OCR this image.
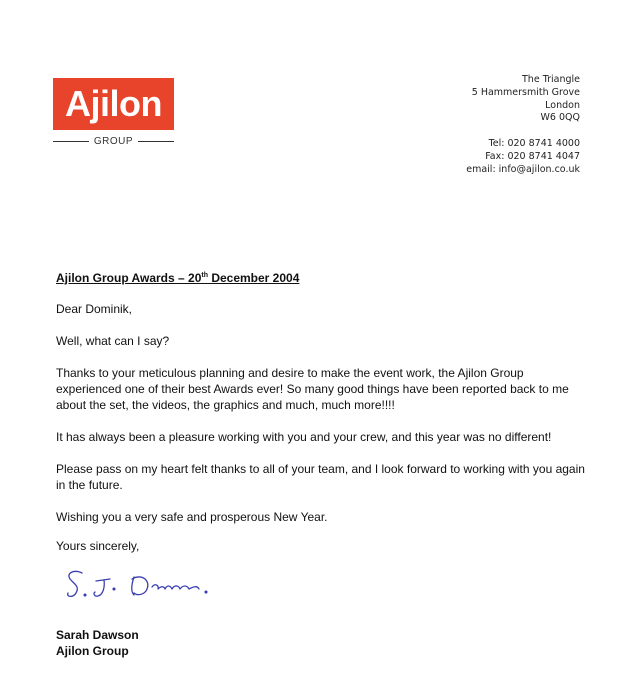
Ajilon
GROUP
The Triangle
5 Hammersmith Grove
London
W6 0QQ
Tel: 020 8741 4000
Fax: 020 8741 4047
email: info@ajilon.co.uk
Ajilon Group Awards – 20th December 2004

Dear Dominik,

Well, what can I say?

Thanks to your meticulous planning and desire to make the event work, the Ajilon Group experienced one of their best Awards ever! So many good things have been reported back to me about the set, the videos, the graphics and much, much more!!!!

It has always been a pleasure working with you and your crew, and this year was no different!

Please pass on my heart felt thanks to all of your team, and I look forward to working with you again in the future.

Wishing you a very safe and prosperous New Year.

Yours sincerely,

Sarah Dawson
Ajilon Group
